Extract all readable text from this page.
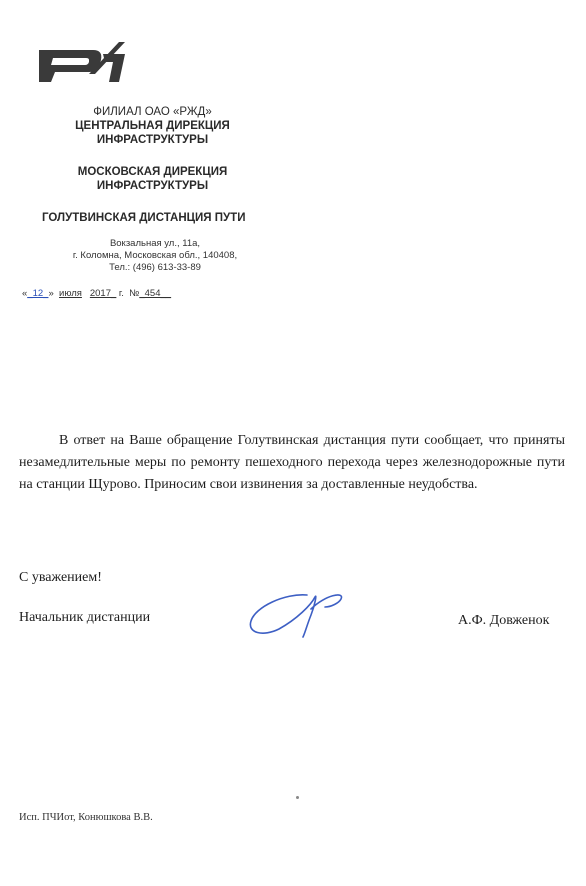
ФИЛИАЛ ОАО «РЖД»
ЦЕНТРАЛЬНАЯ ДИРЕКЦИЯ
ИНФРАСТРУКТУРЫ
МОСКОВСКАЯ ДИРЕКЦИЯ
ИНФРАСТРУКТУРЫ
ГОЛУТВИНСКАЯ ДИСТАНЦИЯ ПУТИ
Вокзальная ул., 11а,
г. Коломна, Московская обл., 140408,
Тел.: (496) 613-33-89
«_12_» июля 2017_ г. №_454__

В ответ на Ваше обращение Голутвинская дистанция пути сообщает, что приняты незамедлительные меры по ремонту пешеходного перехода через железнодорожные пути на станции Щурово. Приносим свои извинения за доставленные неудобства.

С уважением!
Начальник дистанции	А.Ф. Довженок
Исп. ПЧИот, Конюшкова В.В.
